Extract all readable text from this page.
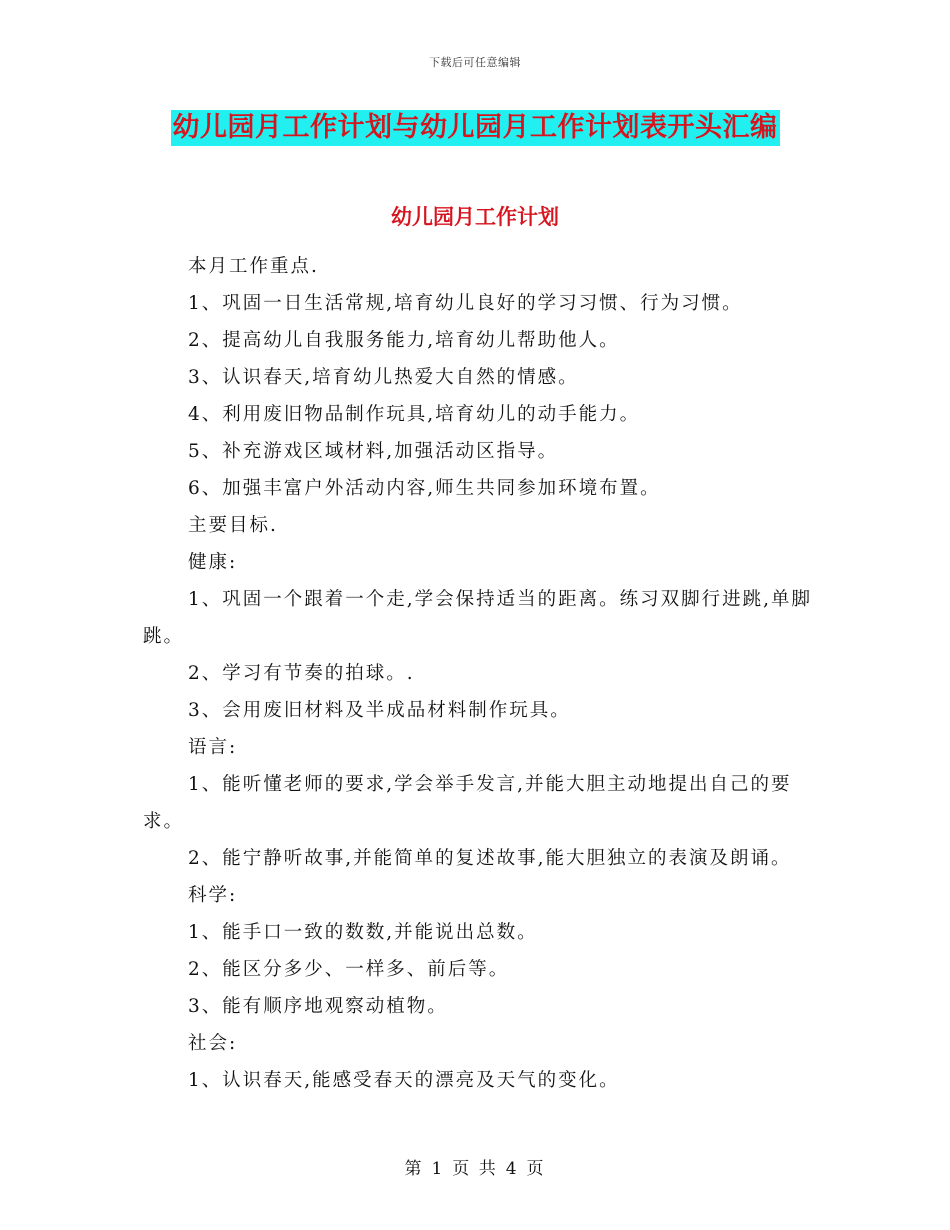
下载后可任意编辑
幼儿园月工作计划与幼儿园月工作计划表开头汇编
幼儿园月工作计划

本月工作重点.

1、巩固一日生活常规,培育幼儿良好的学习习惯、行为习惯。

2、提高幼儿自我服务能力,培育幼儿帮助他人。

3、认识春天,培育幼儿热爱大自然的情感。

4、利用废旧物品制作玩具,培育幼儿的动手能力。

5、补充游戏区域材料,加强活动区指导。

6、加强丰富户外活动内容,师生共同参加环境布置。

主要目标.

健康:

1、巩固一个跟着一个走,学会保持适当的距离。练习双脚行进跳,单脚跳。

2、学习有节奏的拍球。.

3、会用废旧材料及半成品材料制作玩具。

语言:

1、能听懂老师的要求,学会举手发言,并能大胆主动地提出自己的要求。

2、能宁静听故事,并能简单的复述故事,能大胆独立的表演及朗诵。

科学:

1、能手口一致的数数,并能说出总数。

2、能区分多少、一样多、前后等。

3、能有顺序地观察动植物。

社会:

1、认识春天,能感受春天的漂亮及天气的变化。

第 1 页 共 4 页
